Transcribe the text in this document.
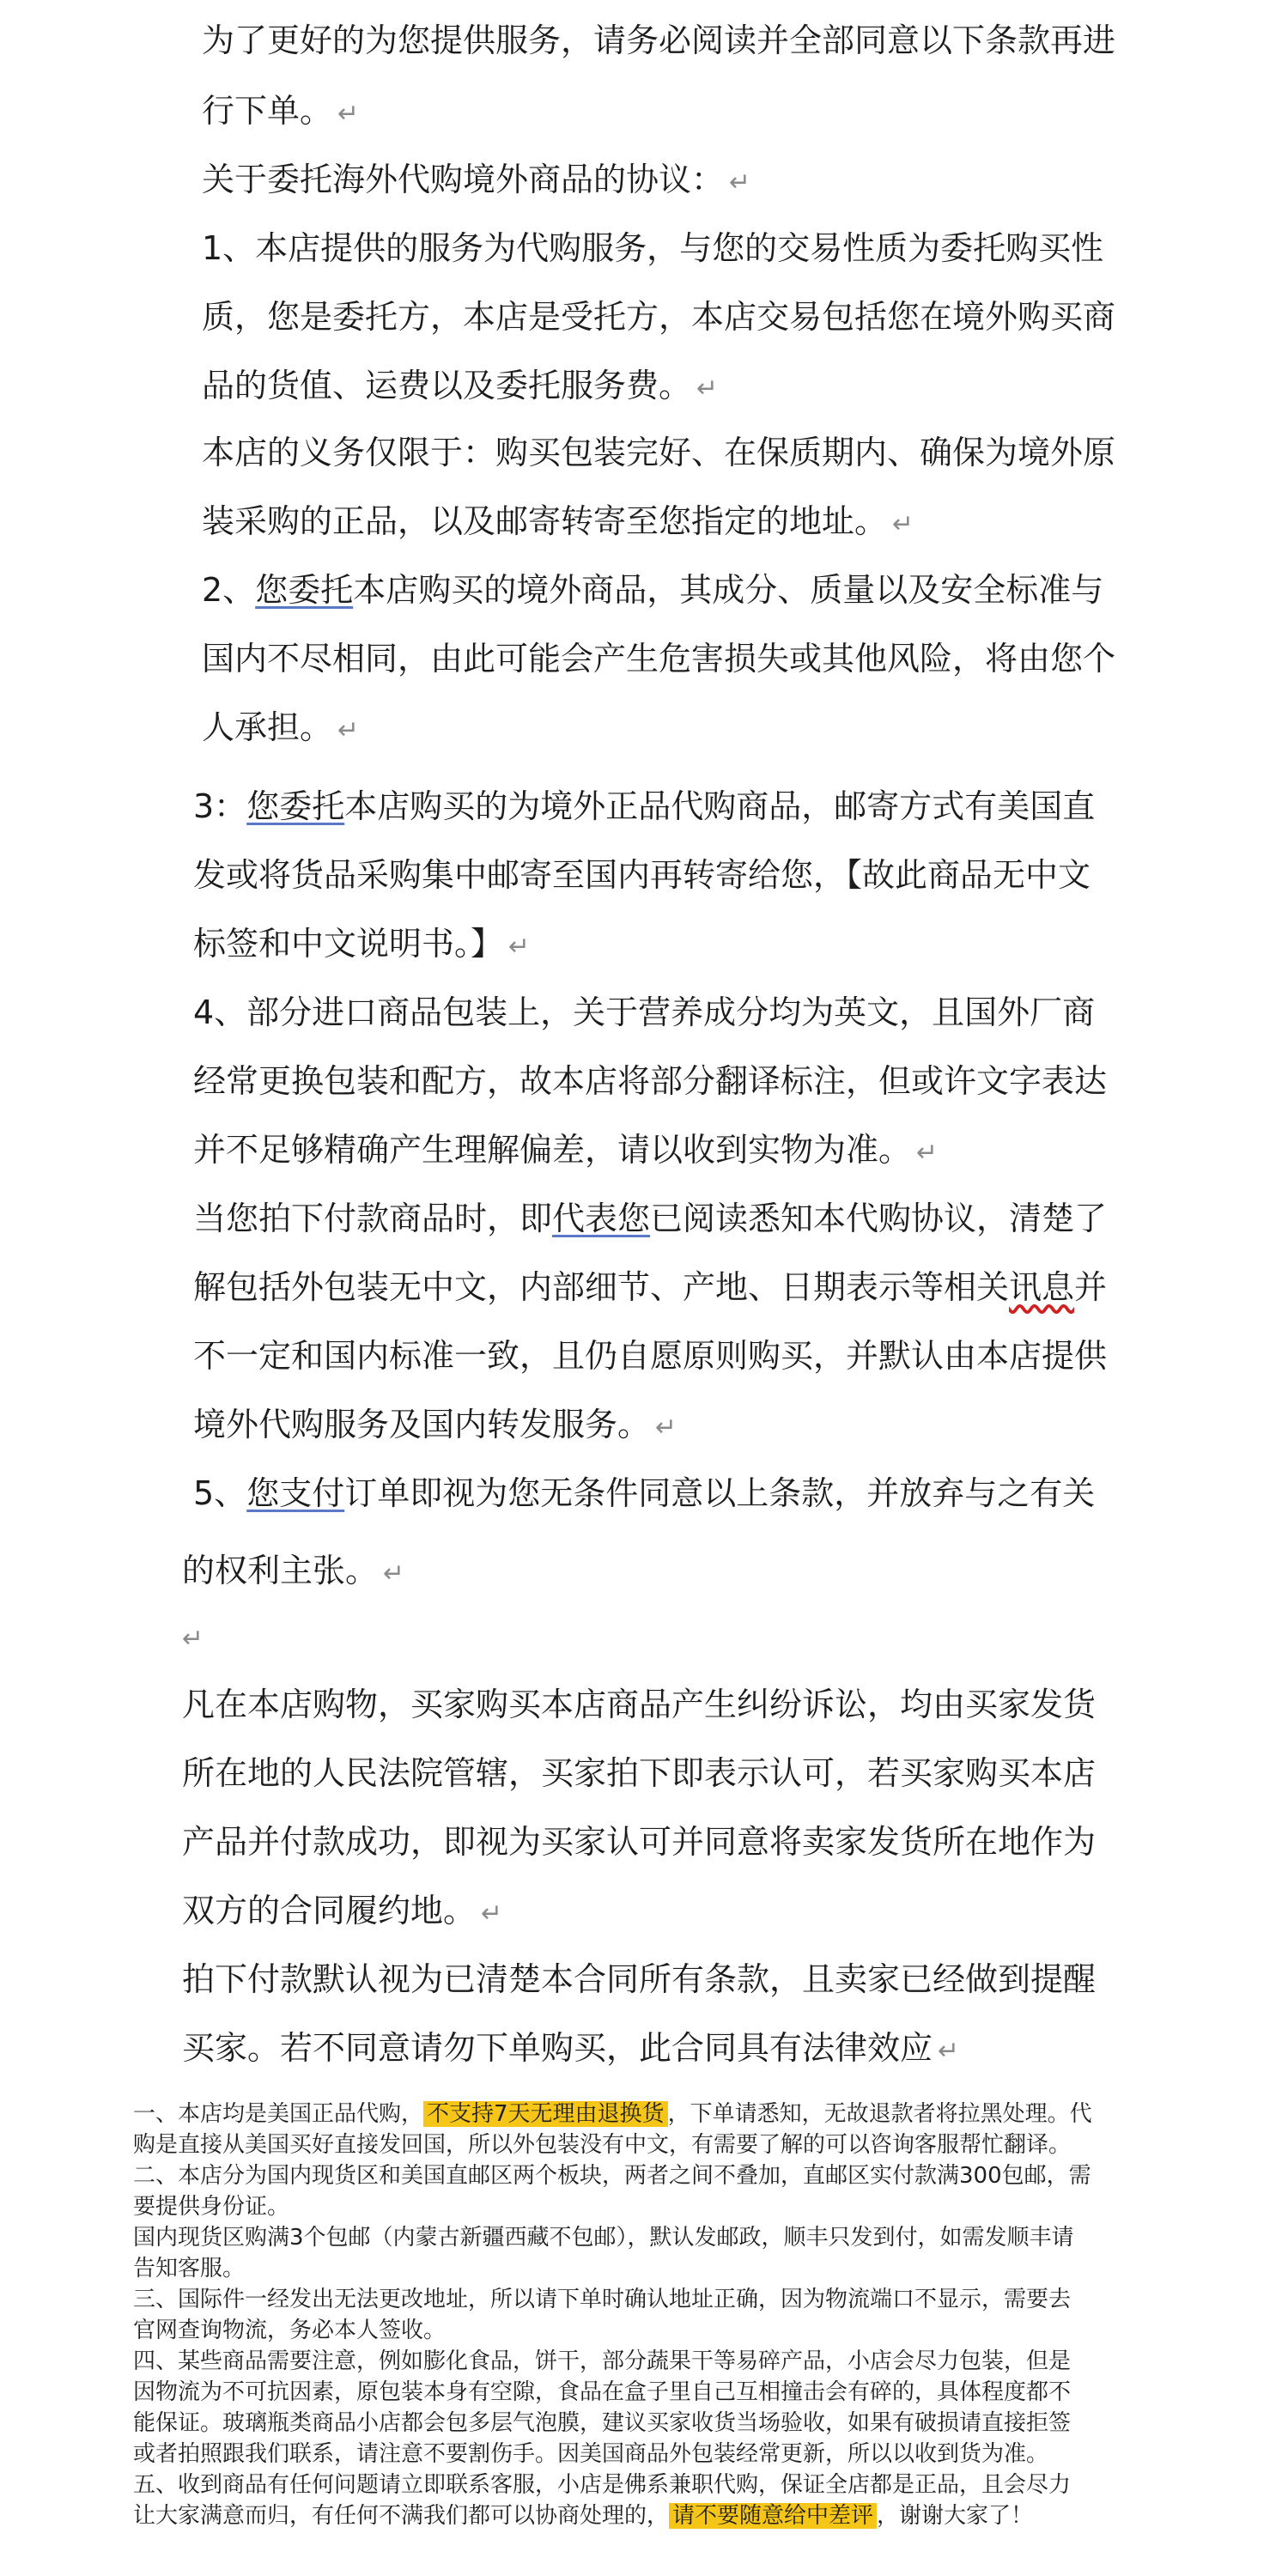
为了更好的为您提供服务，请务必阅读并全部同意以下条款再进
行下单。 ↵
关于委托海外代购境外商品的协议： ↵
1、本店提供的服务为代购服务，与您的交易性质为委托购买性
质，您是委托方，本店是受托方，本店交易包括您在境外购买商
品的货值、运费以及委托服务费。 ↵
本店的义务仅限于：购买包装完好、在保质期内、确保为境外原
装采购的正品，以及邮寄转寄至您指定的地址。 ↵
2、您委托本店购买的境外商品，其成分、质量以及安全标准与
国内不尽相同，由此可能会产生危害损失或其他风险，将由您个
人承担。 ↵
3：您委托本店购买的为境外正品代购商品，邮寄方式有美国直
发或将货品采购集中邮寄至国内再转寄给您，【故此商品无中文
标签和中文说明书。】 ↵
4、部分进口商品包装上，关于营养成分均为英文，且国外厂商
经常更换包装和配方，故本店将部分翻译标注，但或许文字表达
并不足够精确产生理解偏差，请以收到实物为准。 ↵
当您拍下付款商品时，即代表您已阅读悉知本代购协议，清楚了
解包括外包装无中文，内部细节、产地、日期表示等相关讯息并
不一定和国内标准一致，且仍自愿原则购买，并默认由本店提供
境外代购服务及国内转发服务。 ↵
5、您支付订单即视为您无条件同意以上条款，并放弃与之有关
的权利主张。 ↵
↵
凡在本店购物，买家购买本店商品产生纠纷诉讼，均由买家发货
所在地的人民法院管辖，买家拍下即表示认可，若买家购买本店
产品并付款成功，即视为买家认可并同意将卖家发货所在地作为
双方的合同履约地。 ↵
拍下付款默认视为已清楚本合同所有条款，且卖家已经做到提醒
买家。若不同意请勿下单购买，此合同具有法律效应 ↵
一、本店均是美国正品代购， 不支持7天无理由退换货 ，下单请悉知，无故退款者将拉黑处理。代
购是直接从美国买好直接发回国，所以外包装没有中文，有需要了解的可以咨询客服帮忙翻译。
二、本店分为国内现货区和美国直邮区两个板块，两者之间不叠加，直邮区实付款满300包邮，需
要提供身份证。
国内现货区购满3个包邮（内蒙古新疆西藏不包邮），默认发邮政，顺丰只发到付，如需发顺丰请
告知客服。
三、国际件一经发出无法更改地址，所以请下单时确认地址正确，因为物流端口不显示，需要去
官网查询物流，务必本人签收。
四、某些商品需要注意，例如膨化食品，饼干，部分蔬果干等易碎产品，小店会尽力包装，但是
因物流为不可抗因素，原包装本身有空隙，食品在盒子里自己互相撞击会有碎的，具体程度都不
能保证。玻璃瓶类商品小店都会包多层气泡膜，建议买家收货当场验收，如果有破损请直接拒签
或者拍照跟我们联系，请注意不要割伤手。因美国商品外包装经常更新，所以以收到货为准。
五、收到商品有任何问题请立即联系客服，小店是佛系兼职代购，保证全店都是正品，且会尽力
让大家满意而归，有任何不满我们都可以协商处理的， 请不要随意给中差评 ，谢谢大家了！
